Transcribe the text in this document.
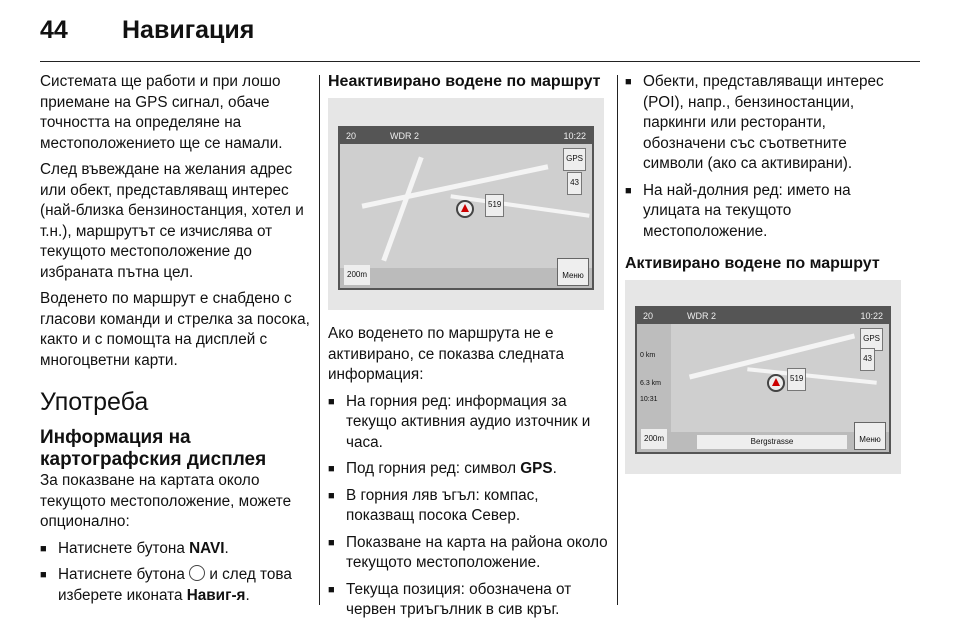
44 Навигация

Системата ще работи и при лошо приемане на GPS сигнал, обаче точността на определяне на местоположението ще се намали.

След въвеждане на желания адрес или обект, представляващ интерес (най-близка бензиностанция, хотел и т.н.), маршрутът се изчислява от текущото местоположение до избраната пътна цел.

Воденето по маршрут е снабдено с гласови команди и стрелка за посока, както и с помощта на дисплей с многоцветни карти.

Употреба
Информация на картографския дисплея

За показване на картата около текущото местоположение, можете опционално:

■ Натиснете бутона NAVI.
■ Натиснете бутона  и след това изберете иконата Навиг-я.
Неактивирано водене по маршрут
20	WDR 2	10:22
GPS
43
519
200m	Меню

Ако воденето по маршрута не е активирано, се показва следната информация:

■ На горния ред: информация за текущо активния аудио източник и часа.
■ Под горния ред: символ GPS.
■ В горния ляв ъгъл: компас, показващ посока Север.
■ Показване на карта на района около текущото местоположение.
■ Текуща позиция: обозначена от червен триъгълник в сив кръг.
■ Обекти, представляващи интерес (POI), напр., бензиностанции, паркинги или ресторанти, обозначени със съответните символи (ако са активирани).
■ На най-долния ред: името на улицата на текущото местоположение.
Активирано водене по маршрут
20	WDR 2	10:22
GPS
43
519
0 km
6.3 km
10:31
200m	Bergstrasse	Меню
